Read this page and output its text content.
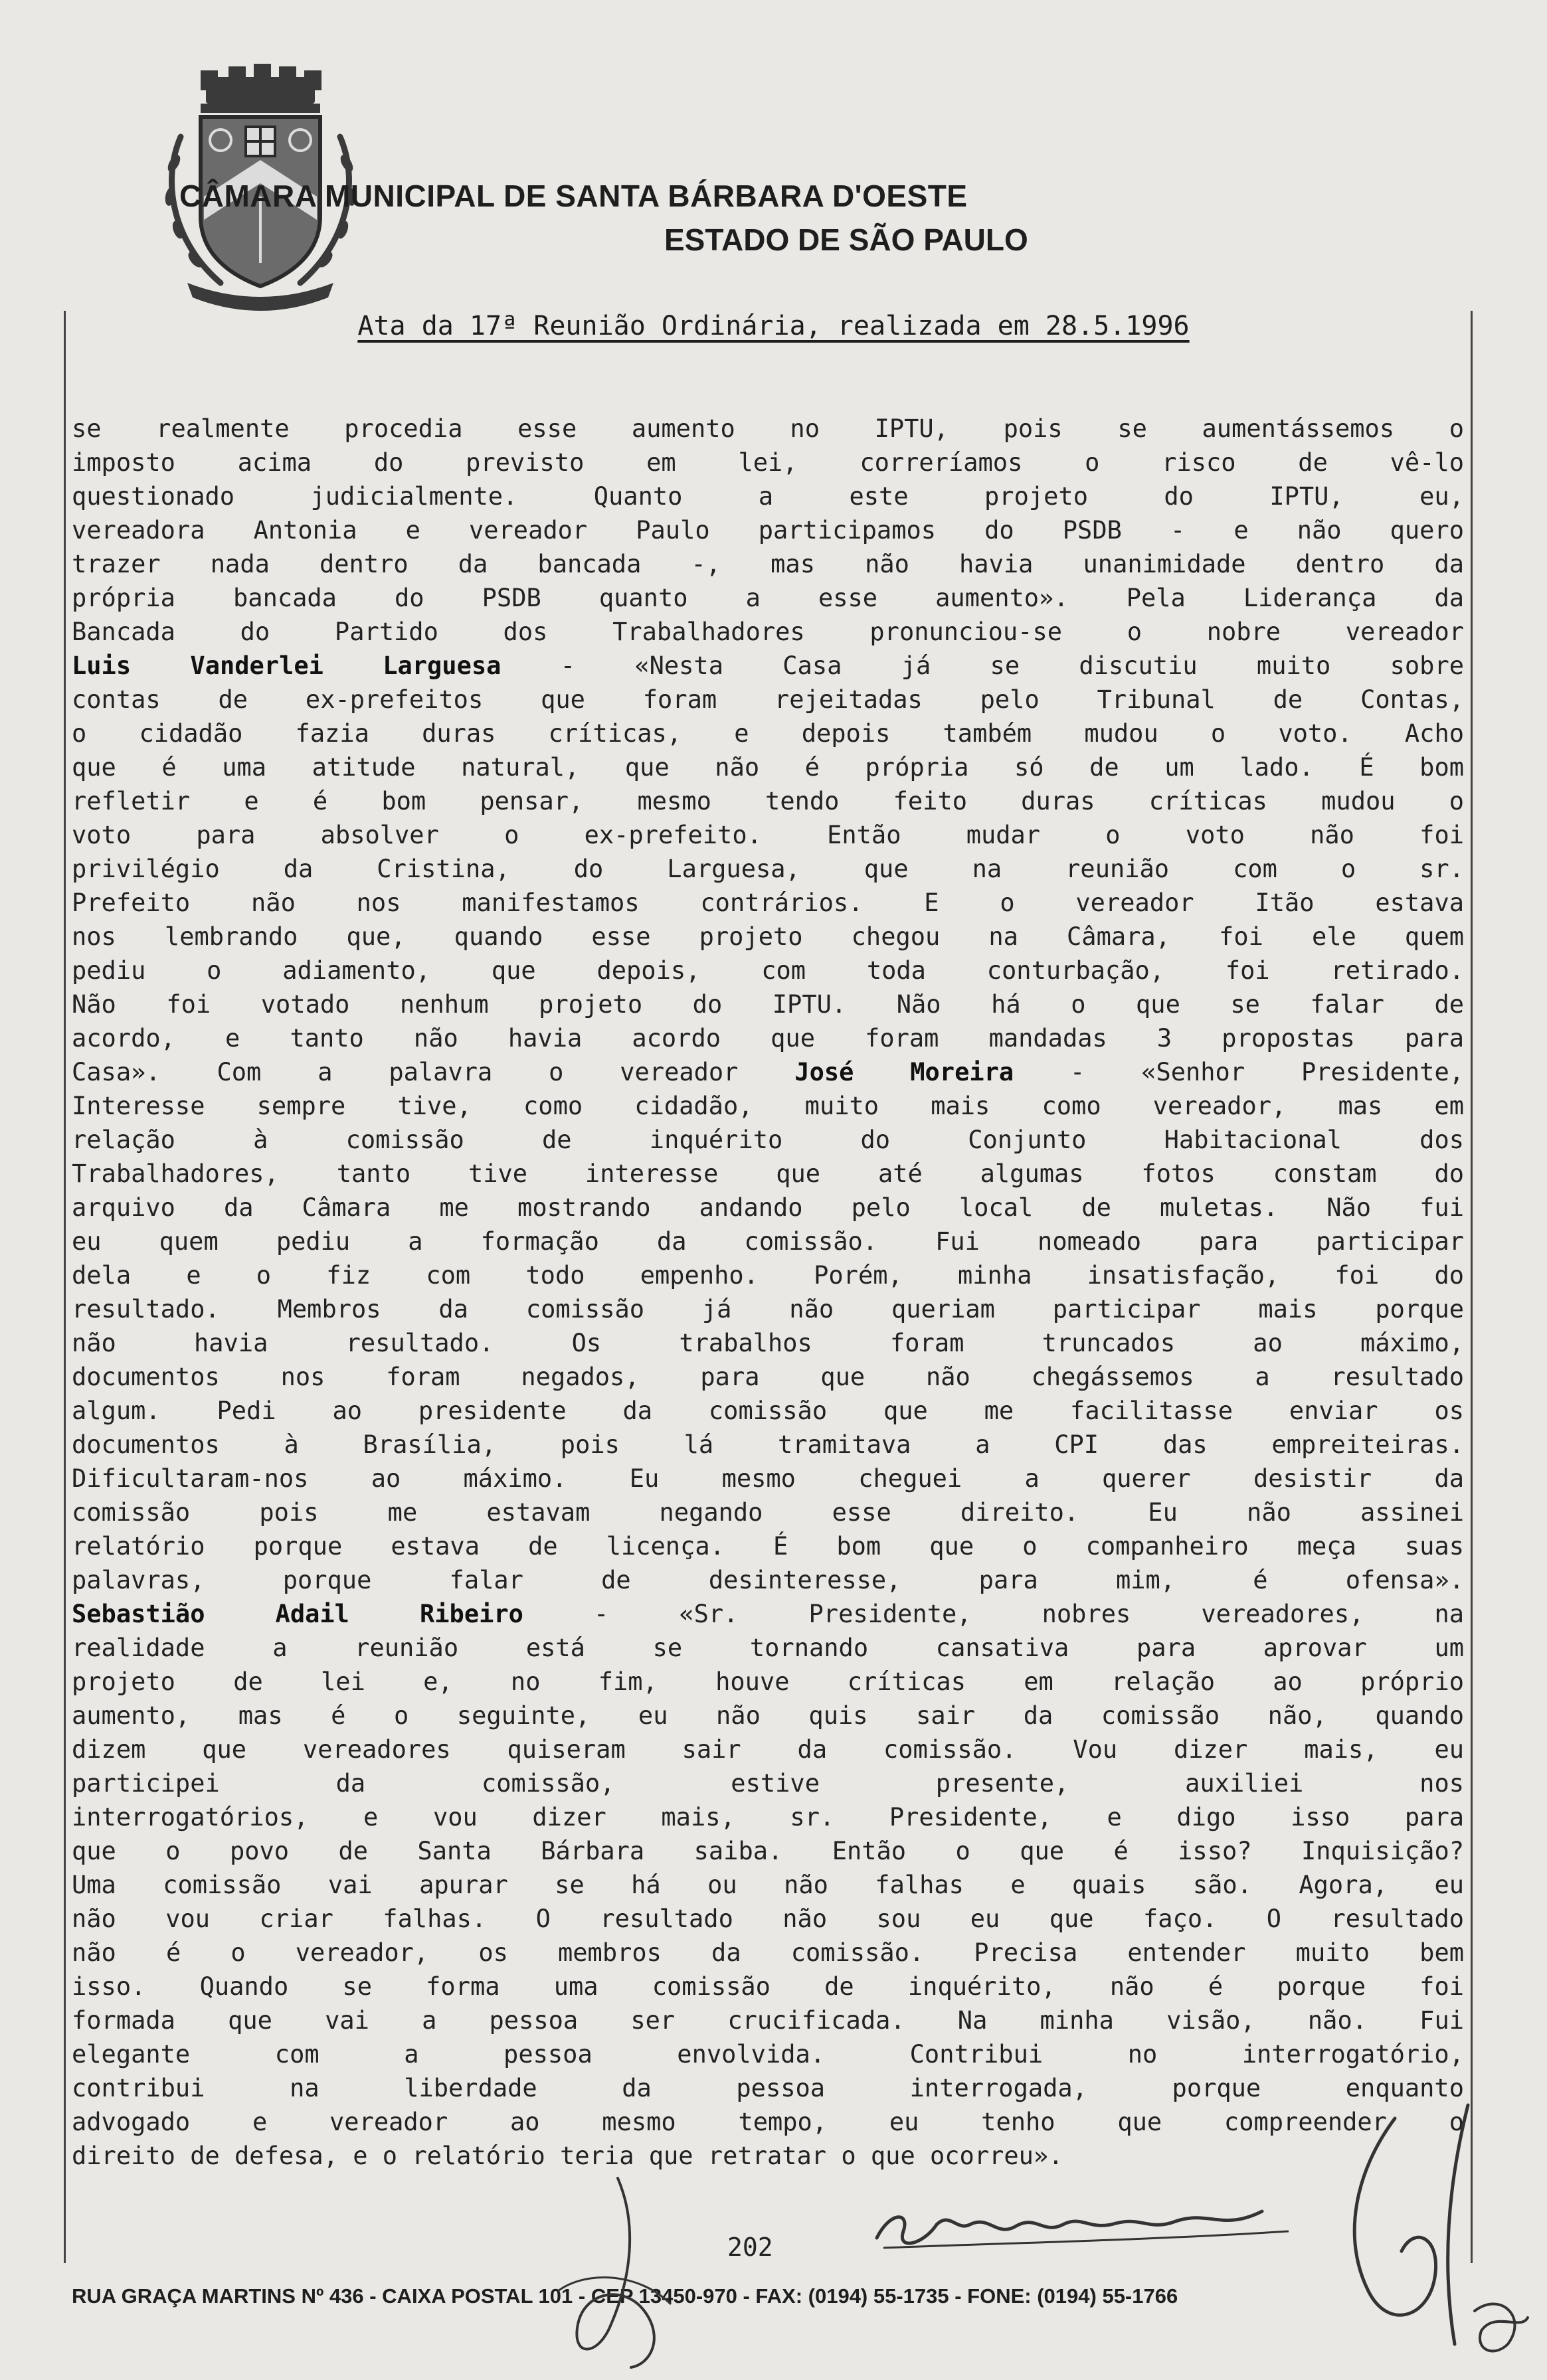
CÂMARA MUNICIPAL DE SANTA BÁRBARA D'OESTE
ESTADO DE SÃO PAULO
Ata da 17ª Reunião Ordinária, realizada em 28.5.1996
se realmente procedia esse aumento no IPTU, pois se aumentássemos o
imposto acima do previsto em lei, correríamos o risco de vê-lo
questionado judicialmente. Quanto a este projeto do IPTU, eu,
vereadora Antonia e vereador Paulo participamos do PSDB - e não quero
trazer nada dentro da bancada -, mas não havia unanimidade dentro da
própria bancada do PSDB quanto a esse aumento». Pela Liderança da
Bancada do Partido dos Trabalhadores pronunciou-se o nobre vereador
Luis Vanderlei Larguesa - «Nesta Casa já se discutiu muito sobre
contas de ex-prefeitos que foram rejeitadas pelo Tribunal de Contas,
o cidadão fazia duras críticas, e depois também mudou o voto. Acho
que é uma atitude natural, que não é própria só de um lado. É bom
refletir e é bom pensar, mesmo tendo feito duras críticas mudou o
voto para absolver o ex-prefeito. Então mudar o voto não foi
privilégio da Cristina, do Larguesa, que na reunião com o sr.
Prefeito não nos manifestamos contrários. E o vereador Itão estava
nos lembrando que, quando esse projeto chegou na Câmara, foi ele quem
pediu o adiamento, que depois, com toda conturbação, foi retirado.
Não foi votado nenhum projeto do IPTU. Não há o que se falar de
acordo, e tanto não havia acordo que foram mandadas 3 propostas para
Casa». Com a palavra o vereador José Moreira - «Senhor Presidente,
Interesse sempre tive, como cidadão, muito mais como vereador, mas em
relação à comissão de inquérito do Conjunto Habitacional dos
Trabalhadores, tanto tive interesse que até algumas fotos constam do
arquivo da Câmara me mostrando andando pelo local de muletas. Não fui
eu quem pediu a formação da comissão. Fui nomeado para participar
dela e o fiz com todo empenho. Porém, minha insatisfação, foi do
resultado. Membros da comissão já não queriam participar mais porque
não havia resultado. Os trabalhos foram truncados ao máximo,
documentos nos foram negados, para que não chegássemos a resultado
algum. Pedi ao presidente da comissão que me facilitasse enviar os
documentos à Brasília, pois lá tramitava a CPI das empreiteiras.
Dificultaram-nos ao máximo. Eu mesmo cheguei a querer desistir da
comissão pois me estavam negando esse direito. Eu não assinei
relatório porque estava de licença. É bom que o companheiro meça suas
palavras, porque falar de desinteresse, para mim, é ofensa».
Sebastião Adail Ribeiro - «Sr. Presidente, nobres vereadores, na
realidade a reunião está se tornando cansativa para aprovar um
projeto de lei e, no fim, houve críticas em relação ao próprio
aumento, mas é o seguinte, eu não quis sair da comissão não, quando
dizem que vereadores quiseram sair da comissão. Vou dizer mais, eu
participei da comissão, estive presente, auxiliei nos
interrogatórios, e vou dizer mais, sr. Presidente, e digo isso para
que o povo de Santa Bárbara saiba. Então o que é isso? Inquisição?
Uma comissão vai apurar se há ou não falhas e quais são. Agora, eu
não vou criar falhas. O resultado não sou eu que faço. O resultado
não é o vereador, os membros da comissão. Precisa entender muito bem
isso. Quando se forma uma comissão de inquérito, não é porque foi
formada que vai a pessoa ser crucificada. Na minha visão, não. Fui
elegante com a pessoa envolvida. Contribui no interrogatório,
contribui na liberdade da pessoa interrogada, porque enquanto
advogado e vereador ao mesmo tempo, eu tenho que compreender o
direito de defesa, e o relatório teria que retratar o que ocorreu».
202
RUA GRAÇA MARTINS Nº 436 - CAIXA POSTAL 101 - CEP 13450-970 - FAX: (0194) 55-1735 - FONE: (0194) 55-1766
